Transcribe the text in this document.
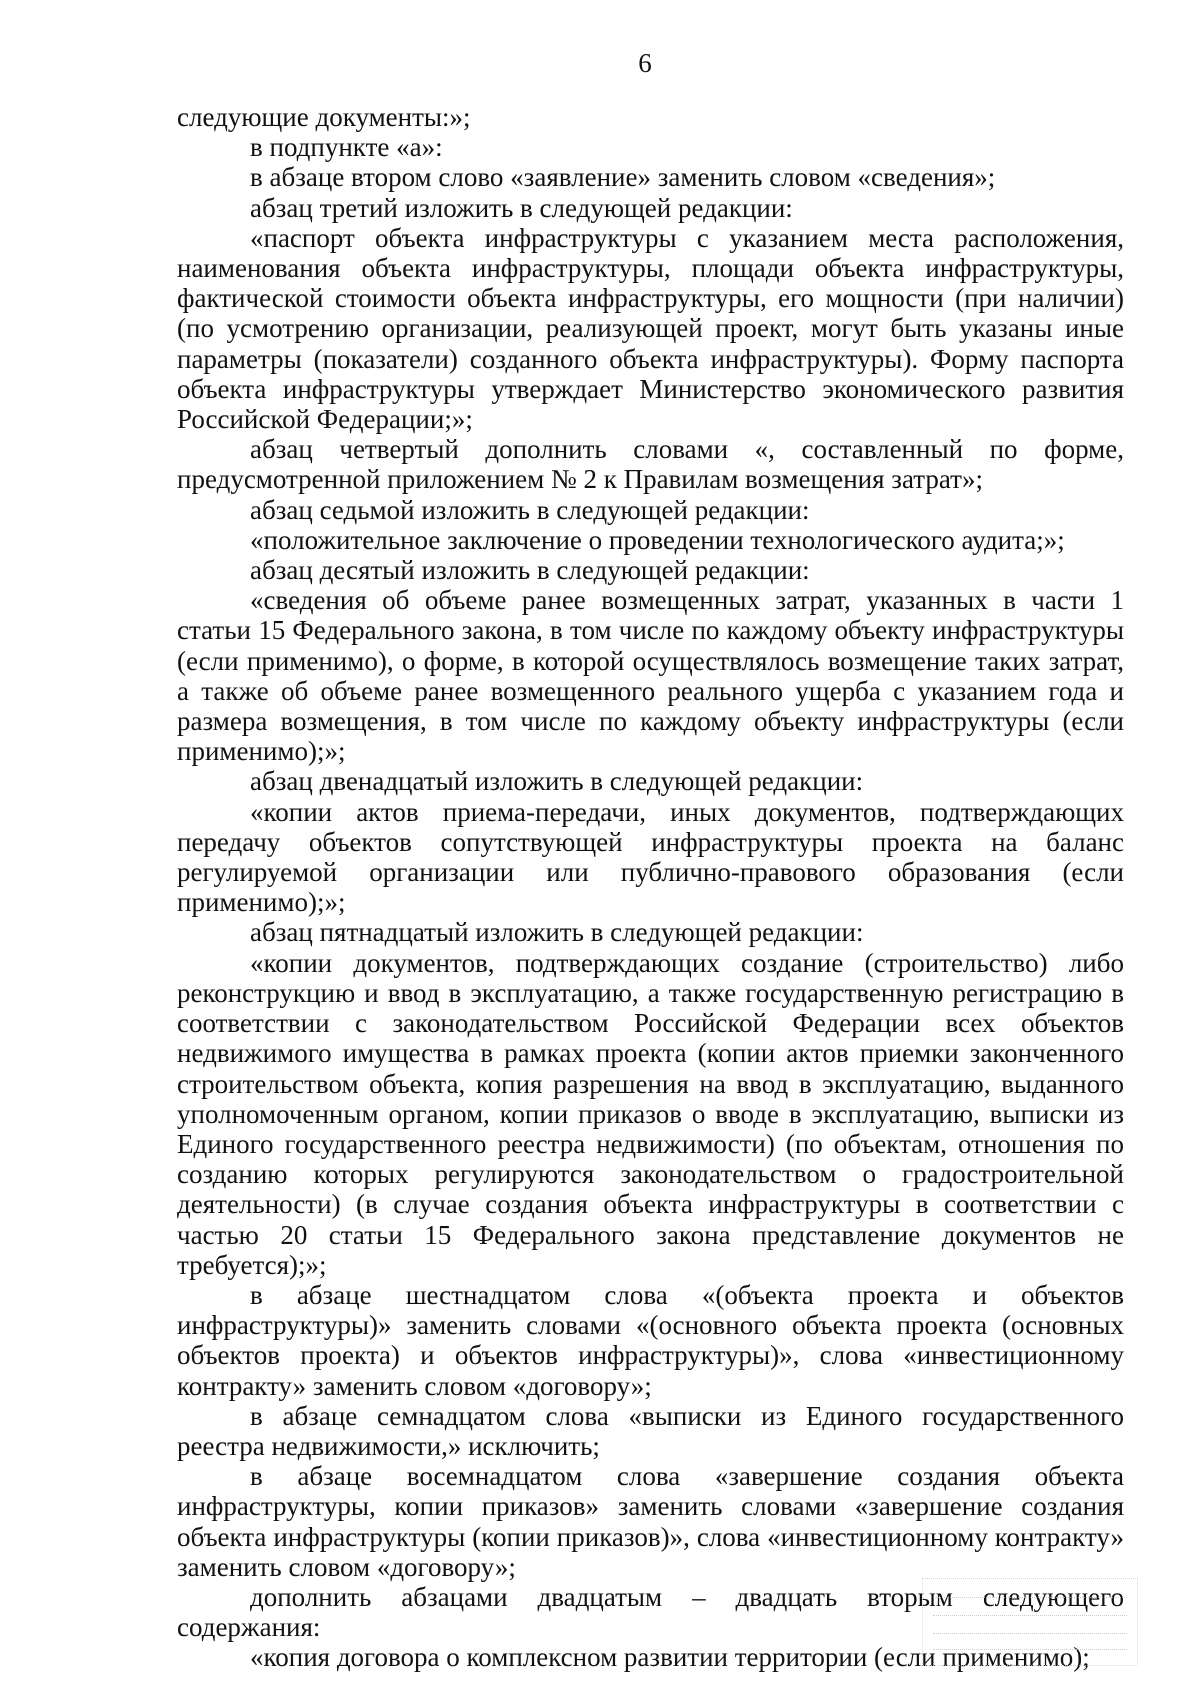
6

следующие документы:»;

в подпункте «а»:

в абзаце втором слово «заявление» заменить словом «сведения»;

абзац третий изложить в следующей редакции:

«паспорт объекта инфраструктуры с указанием места расположения, наименования объекта инфраструктуры, площади объекта инфраструктуры, фактической стоимости объекта инфраструктуры, его мощности (при наличии) (по усмотрению организации, реализующей проект, могут быть указаны иные параметры (показатели) созданного объекта инфраструктуры). Форму паспорта объекта инфраструктуры утверждает Министерство экономического развития Российской Федерации;»;

абзац четвертый дополнить словами «, составленный по форме, предусмотренной приложением № 2 к Правилам возмещения затрат»;

абзац седьмой изложить в следующей редакции:

«положительное заключение о проведении технологического аудита;»;

абзац десятый изложить в следующей редакции:

«сведения об объеме ранее возмещенных затрат, указанных в части 1 статьи 15 Федерального закона, в том числе по каждому объекту инфраструктуры (если применимо), о форме, в которой осуществлялось возмещение таких затрат, а также об объеме ранее возмещенного реального ущерба с указанием года и размера возмещения, в том числе по каждому объекту инфраструктуры (если применимо);»;

абзац двенадцатый изложить в следующей редакции:

«копии актов приема-передачи, иных документов, подтверждающих передачу объектов сопутствующей инфраструктуры проекта на баланс регулируемой организации или публично-правового образования (если применимо);»;

абзац пятнадцатый изложить в следующей редакции:

«копии документов, подтверждающих создание (строительство) либо реконструкцию и ввод в эксплуатацию, а также государственную регистрацию в соответствии с законодательством Российской Федерации всех объектов недвижимого имущества в рамках проекта (копии актов приемки законченного строительством объекта, копия разрешения на ввод в эксплуатацию, выданного уполномоченным органом, копии приказов о вводе в эксплуатацию, выписки из Единого государственного реестра недвижимости) (по объектам, отношения по созданию которых регулируются законодательством о градостроительной деятельности) (в случае создания объекта инфраструктуры в соответствии с частью 20 статьи 15 Федерального закона представление документов не требуется);»;

в абзаце шестнадцатом слова «(объекта проекта и объектов инфраструктуры)» заменить словами «(основного объекта проекта (основных объектов проекта) и объектов инфраструктуры)», слова «инвестиционному контракту» заменить словом «договору»;

в абзаце семнадцатом слова «выписки из Единого государственного реестра недвижимости,» исключить;

в абзаце восемнадцатом слова «завершение создания объекта инфраструктуры, копии приказов» заменить словами «завершение создания объекта инфраструктуры (копии приказов)», слова «инвестиционному контракту» заменить словом «договору»;

дополнить абзацами двадцатым – двадцать вторым следующего содержания:

«копия договора о комплексном развитии территории (если применимо);
